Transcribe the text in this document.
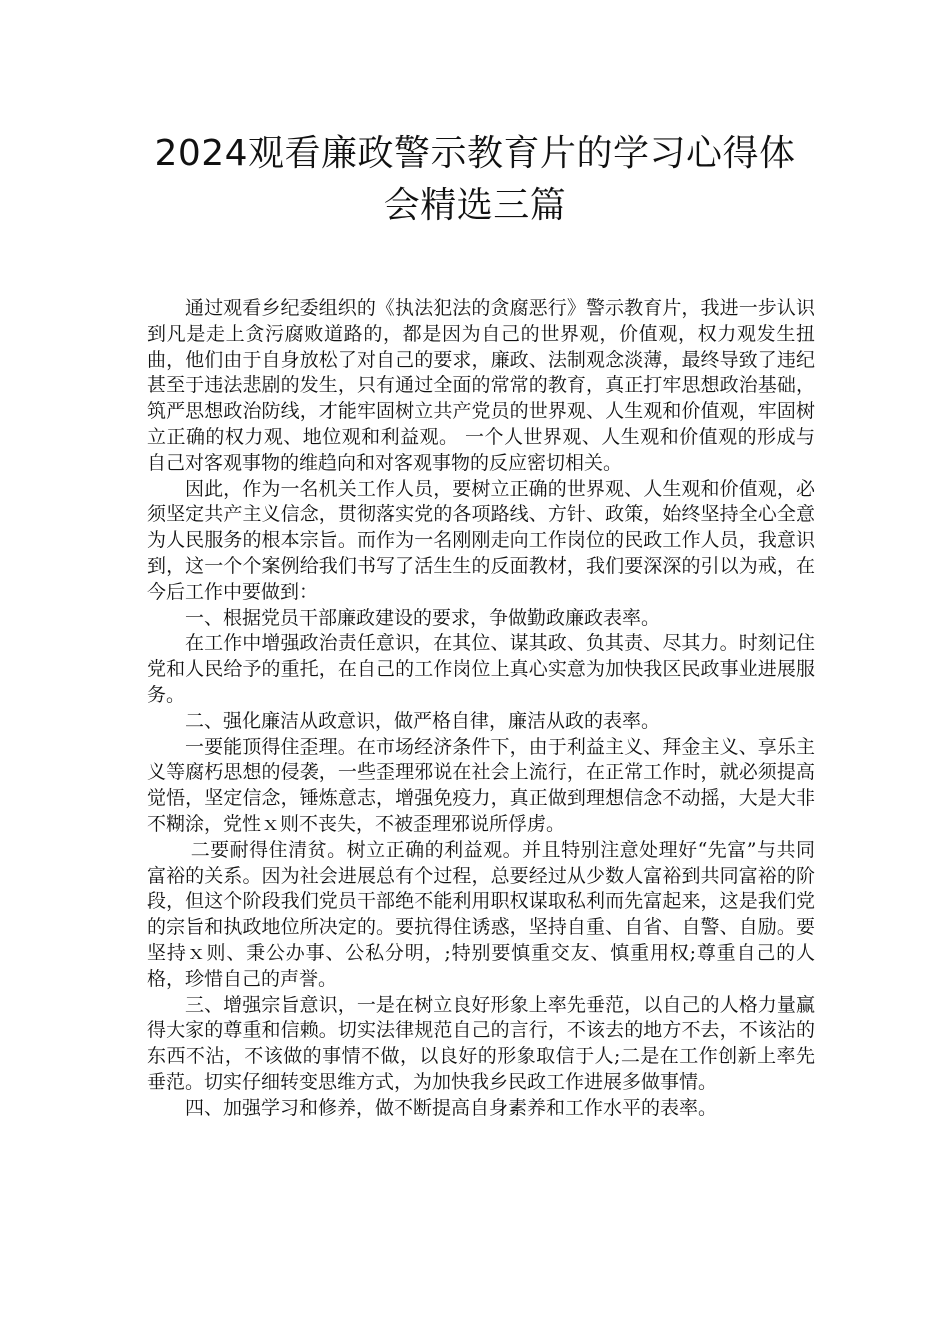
2024观看廉政警示教育片的学习心得体
会精选三篇

通过观看乡纪委组织的《执法犯法的贪腐恶行》警示教育片，我进一步认识到凡是走上贪污腐败道路的，都是因为自己的世界观，价值观，权力观发生扭曲，他们由于自身放松了对自己的要求，廉政、法制观念淡薄，最终导致了违纪甚至于违法悲剧的发生，只有通过全面的常常的教育，真正打牢思想政治基础，筑严思想政治防线，才能牢固树立共产党员的世界观、人生观和价值观，牢固树立正确的权力观、地位观和利益观。 一个人世界观、人生观和价值观的形成与自己对客观事物的维趋向和对客观事物的反应密切相关。

因此，作为一名机关工作人员，要树立正确的世界观、人生观和价值观，必须坚定共产主义信念，贯彻落实党的各项路线、方针、政策，始终坚持全心全意为人民服务的根本宗旨。而作为一名刚刚走向工作岗位的民政工作人员，我意识到，这一个个案例给我们书写了活生生的反面教材，我们要深深的引以为戒，在今后工作中要做到：

一、根据党员干部廉政建设的要求，争做勤政廉政表率。

在工作中增强政治责任意识，在其位、谋其政、负其责、尽其力。时刻记住党和人民给予的重托，在自己的工作岗位上真心实意为加快我区民政事业进展服务。

二、强化廉洁从政意识，做严格自律，廉洁从政的表率。

一要能顶得住歪理。在市场经济条件下，由于利益主义、拜金主义、享乐主义等腐朽思想的侵袭，一些歪理邪说在社会上流行，在正常工作时，就必须提高觉悟，坚定信念，锤炼意志，增强免疫力，真正做到理想信念不动摇，大是大非不糊涂，党性ｘ则不丧失，不被歪理邪说所俘虏。

二要耐得住清贫。树立正确的利益观。并且特别注意处理好“先富”与共同富裕的关系。因为社会进展总有个过程，总要经过从少数人富裕到共同富裕的阶段，但这个阶段我们党员干部绝不能利用职权谋取私利而先富起来，这是我们党的宗旨和执政地位所决定的。要抗得住诱惑，坚持自重、自省、自警、自励。要坚持ｘ则、秉公办事、公私分明，;特别要慎重交友、慎重用权;尊重自己的人格，珍惜自己的声誉。

三、增强宗旨意识，一是在树立良好形象上率先垂范，以自己的人格力量赢得大家的尊重和信赖。切实法律规范自己的言行，不该去的地方不去，不该沾的东西不沾，不该做的事情不做，以良好的形象取信于人;二是在工作创新上率先垂范。切实仔细转变思维方式，为加快我乡民政工作进展多做事情。

四、加强学习和修养，做不断提高自身素养和工作水平的表率。
